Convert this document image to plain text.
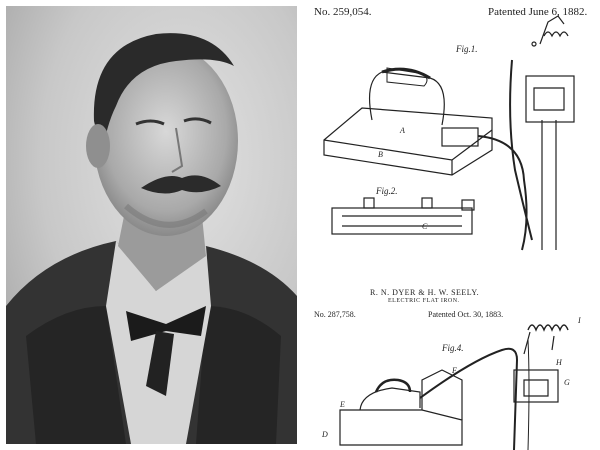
No. 259,054.	Patented June 6, 1882.
Fig.1.
Fig.2.
R. N. DYER & H. W. SEELY.
ELECTRIC FLAT IRON.
No. 287,758.	Patented Oct. 30, 1883.
Fig.4.
A
B
C
D
E
F
G
H
I
